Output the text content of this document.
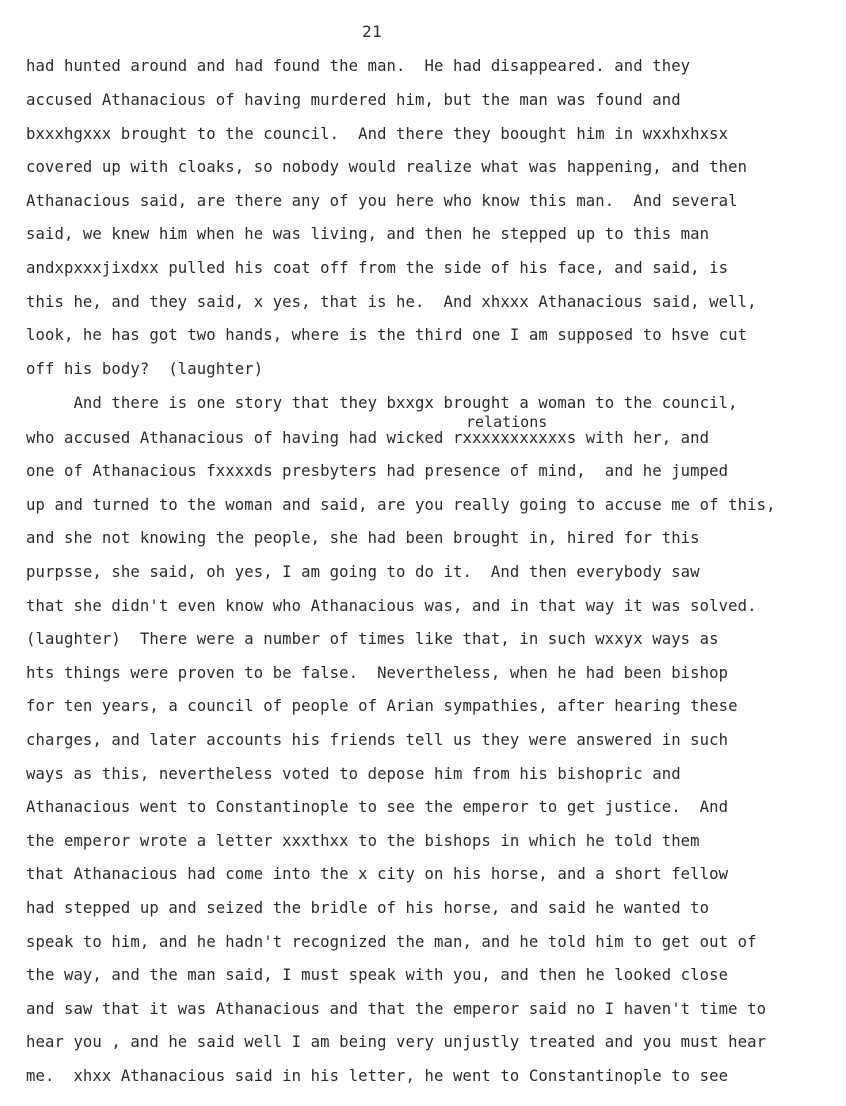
21
had hunted around and had found the man.  He had disappeared. and they
accused Athanacious of having murdered him, but the man was found and
bxxxhgxxx brought to the council.  And there they boought him in wxxhxhxsx
covered up with cloaks, so nobody would realize what was happening, and then
Athanacious said, are there any of you here who know this man.  And several
said, we knew him when he was living, and then he stepped up to this man
andxpxxxjixdxx pulled his coat off from the side of his face, and said, is
this he, and they said, x yes, that is he.  And xhxxx Athanacious said, well,
look, he has got two hands, where is the third one I am supposed to hsve cut
off his body?  (laughter)
And there is one story that they bxxgx brought a woman to the council,
relations
who accused Athanacious of having had wicked rxxxxxxxxxxxs with her, and
one of Athanacious fxxxxds presbyters had presence of mind,  and he jumped
up and turned to the woman and said, are you really going to accuse me of this,
and she not knowing the people, she had been brought in, hired for this
purpsse, she said, oh yes, I am going to do it.  And then everybody saw
that she didn't even know who Athanacious was, and in that way it was solved.
(laughter)  There were a number of times like that, in such wxxyx ways as
hts things were proven to be false.  Nevertheless, when he had been bishop
for ten years, a council of people of Arian sympathies, after hearing these
charges, and later accounts his friends tell us they were answered in such
ways as this, nevertheless voted to depose him from his bishopric and
Athanacious went to Constantinople to see the emperor to get justice.  And
the emperor wrote a letter xxxthxx to the bishops in which he told them
that Athanacious had come into the x city on his horse, and a short fellow
had stepped up and seized the bridle of his horse, and said he wanted to
speak to him, and he hadn't recognized the man, and he told him to get out of
the way, and the man said, I must speak with you, and then he looked close
and saw that it was Athanacious and that the emperor said no I haven't time to
hear you , and he said well I am being very unjustly treated and you must hear
me.  xhxx Athanacious said in his letter, he went to Constantinople to see
